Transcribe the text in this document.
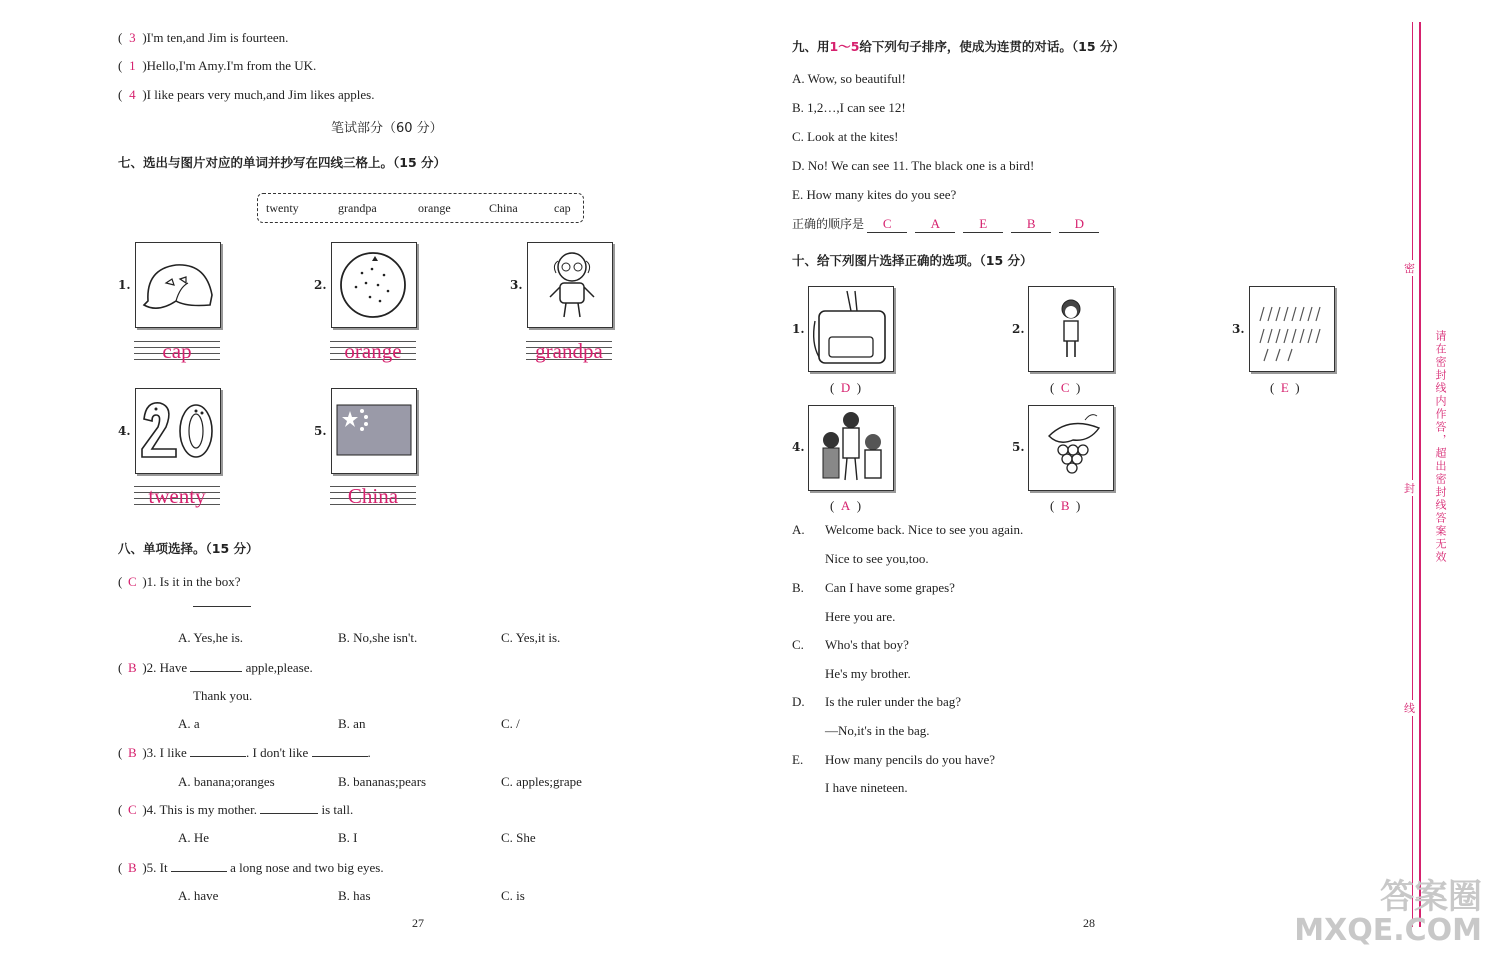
( 3 )I'm ten,and Jim is fourteen.
( 1 )Hello,I'm Amy.I'm from the UK.
( 4 )I like pears very much,and Jim likes apples.
笔试部分（60 分）
七、选出与图片对应的单词并抄写在四线三格上。（15 分）
twenty	grandpa	orange	China	cap
1.
cap
2.
orange
3.
grandpa
4.
twenty
5.
China
八、单项选择。（15 分）
( C )1. Is it in the box?
A. Yes,he is.	B. No,she isn't.	C. Yes,it is.
( B )2. Have	apple,please.
Thank you.
A. a	B. an	C. /
( B )3. I like	. I don't like	.
A. banana;oranges	B. bananas;pears	C. apples;grape
( C )4. This is my mother.	is tall.
A. He	B. I	C. She
( B )5. It	a long nose and two big eyes.
A. have	B. has	C. is
27
九、用1～5给下列句子排序，使成为连贯的对话。（15 分）
A. Wow, so beautiful!
B. 1,2…,I can see 12!
C. Look at the kites!
D. No! We can see 11. The black one is a bird!
E. How many kites do you see?
正确的顺序是 C	A	E	B	D
十、给下列图片选择正确的选项。（15 分）
1.
(  D  )
2.
(  C  )
3.
(  E  )
4.
(  A  )
5.
(  B  )
A. Welcome back. Nice to see you again.
Nice to see you,too.
B. Can I have some grapes?
Here you are.
C. Who's that boy?
He's my brother.
D. Is the ruler under the bag?
—No,it's in the bag.
E. How many pencils do you have?
I have nineteen.
28
密
封
线
请在密封线内作答，超出密封线答案无效
答案圈
MXQE.COM
